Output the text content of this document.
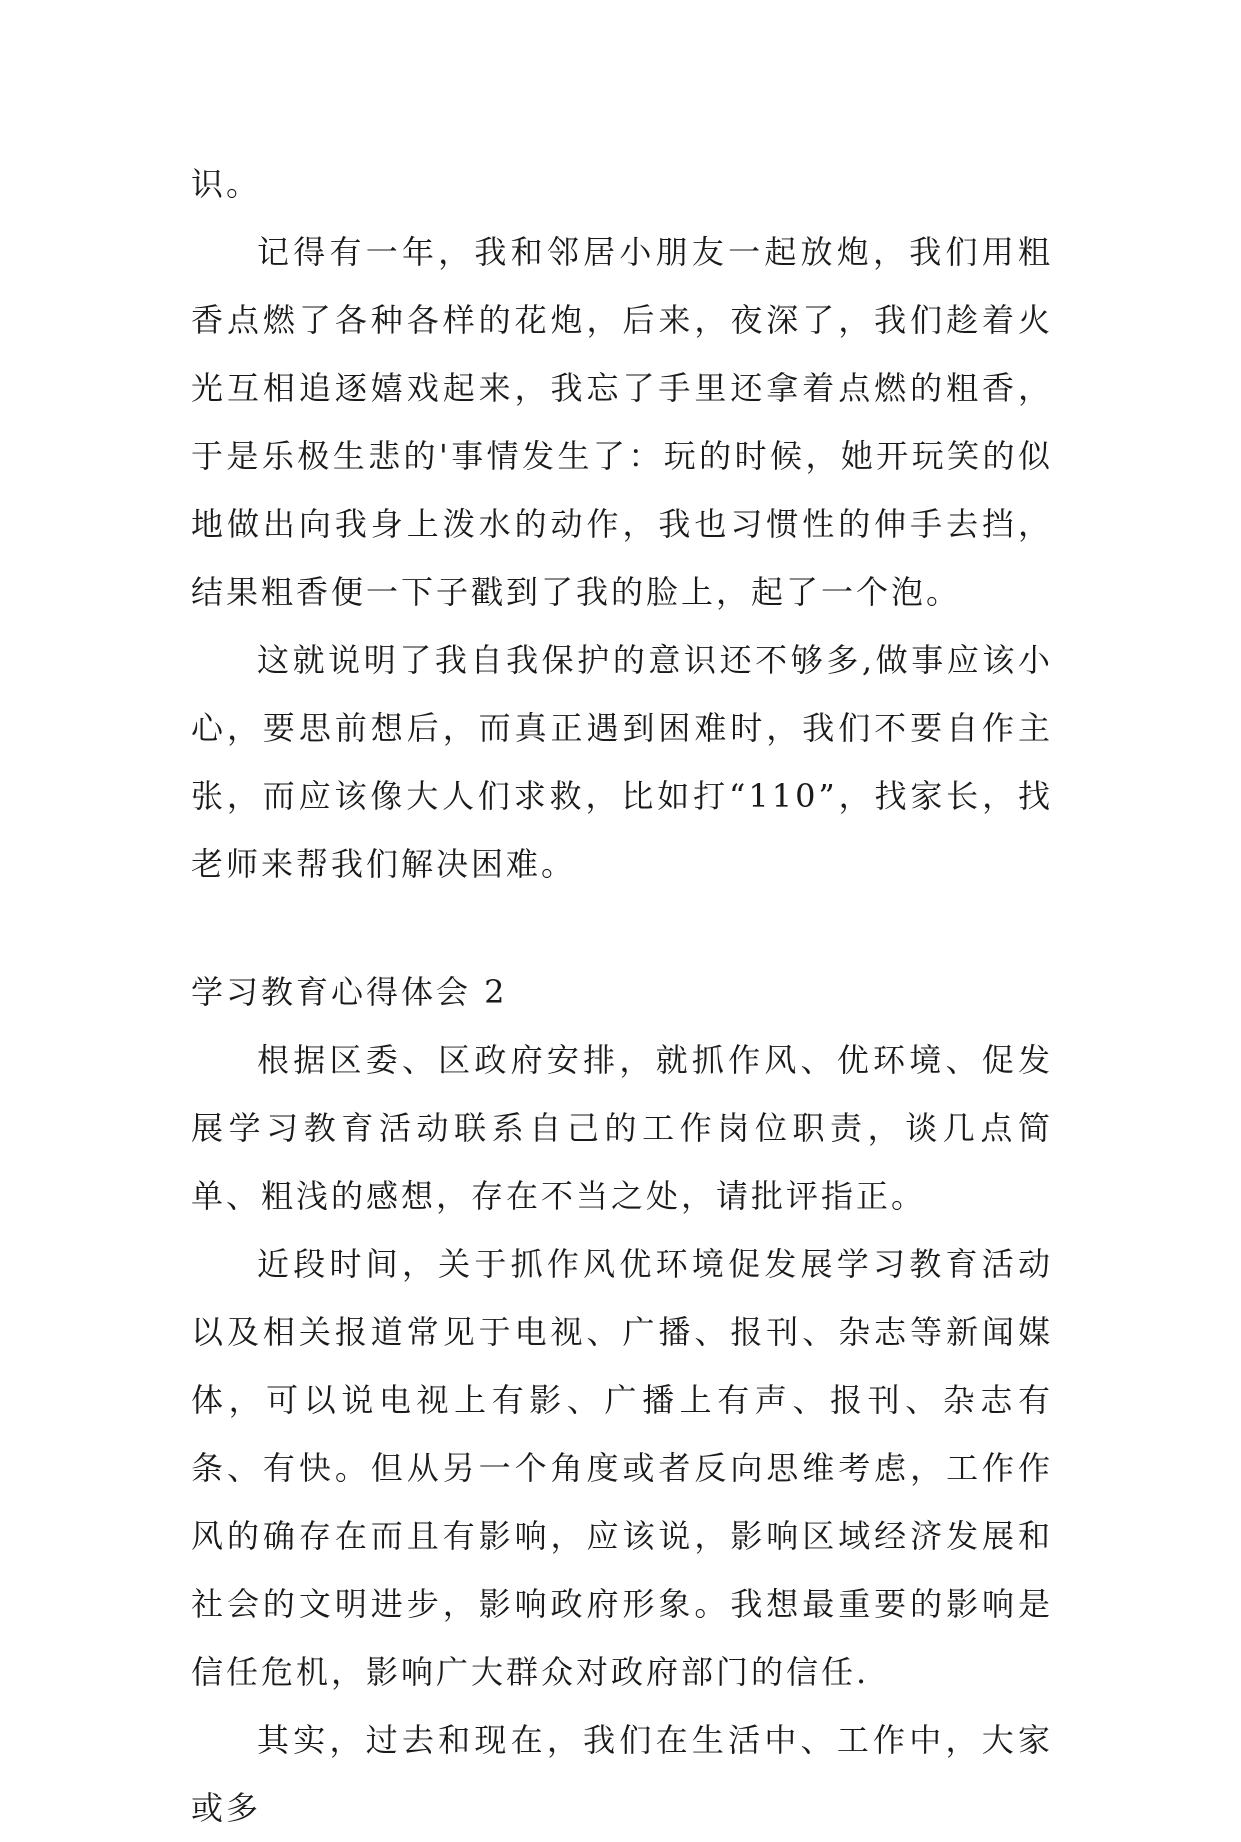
识。

记得有一年，我和邻居小朋友一起放炮，我们用粗香点燃了各种各样的花炮，后来，夜深了，我们趁着火光互相追逐嬉戏起来，我忘了手里还拿着点燃的粗香，于是乐极生悲的'事情发生了：玩的时候，她开玩笑的似地做出向我身上泼水的动作，我也习惯性的伸手去挡，结果粗香便一下子戳到了我的脸上，起了一个泡。

这就说明了我自我保护的意识还不够多,做事应该小心，要思前想后，而真正遇到困难时，我们不要自作主张，而应该像大人们求救，比如打“110”，找家长，找老师来帮我们解决困难。

学习教育心得体会 2

根据区委、区政府安排，就抓作风、优环境、促发展学习教育活动联系自己的工作岗位职责，谈几点简单、粗浅的感想，存在不当之处，请批评指正。

近段时间，关于抓作风优环境促发展学习教育活动以及相关报道常见于电视、广播、报刊、杂志等新闻媒体，可以说电视上有影、广播上有声、报刊、杂志有条、有快。但从另一个角度或者反向思维考虑，工作作风的确存在而且有影响，应该说，影响区域经济发展和社会的文明进步，影响政府形象。我想最重要的影响是信任危机，影响广大群众对政府部门的信任.

其实，过去和现在，我们在生活中、工作中，大家或多
